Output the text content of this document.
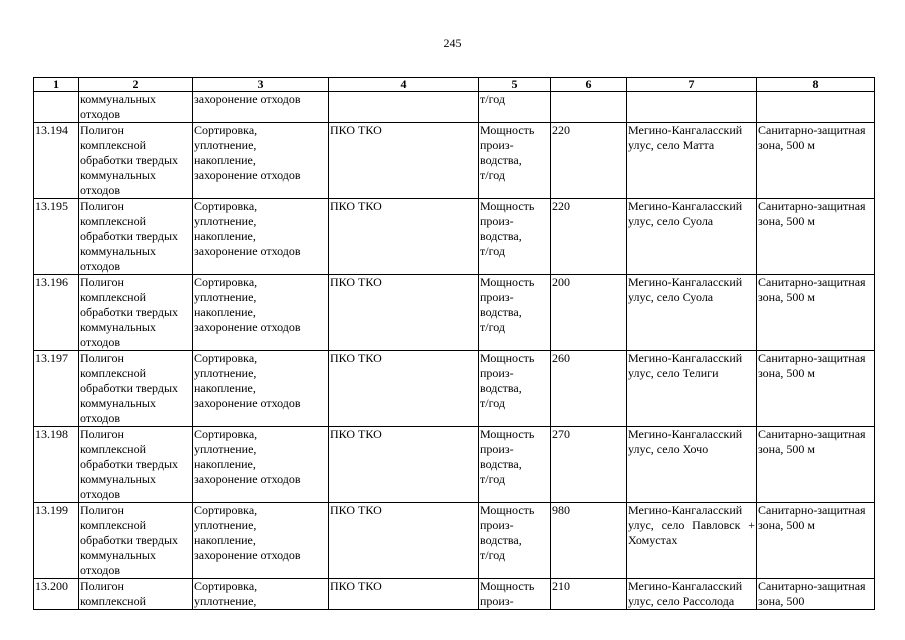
245
1	2	3	4	5	6	7	8
	коммунальных
отходов	захоронение отходов		т/год			
13.194	Полигон
комплексной
обработки твердых
коммунальных
отходов	Сортировка,
уплотнение,
накопление,
захоронение отходов	ПКО ТКО	Мощность
произ-
водства,
т/год	220	Мегино-Кангаласский улус, село Матта	Санитарно-защитная зона, 500 м
13.195	Полигон
комплексной
обработки твердых
коммунальных
отходов	Сортировка,
уплотнение,
накопление,
захоронение отходов	ПКО ТКО	Мощность
произ-
водства,
т/год	220	Мегино-Кангаласский улус, село Суола	Санитарно-защитная зона, 500 м
13.196	Полигон
комплексной
обработки твердых
коммунальных
отходов	Сортировка,
уплотнение,
накопление,
захоронение отходов	ПКО ТКО	Мощность
произ-
водства,
т/год	200	Мегино-Кангаласский улус, село Суола	Санитарно-защитная зона, 500 м
13.197	Полигон
комплексной
обработки твердых
коммунальных
отходов	Сортировка,
уплотнение,
накопление,
захоронение отходов	ПКО ТКО	Мощность
произ-
водства,
т/год	260	Мегино-Кангаласский улус, село Телиги	Санитарно-защитная зона, 500 м
13.198	Полигон
комплексной
обработки твердых
коммунальных
отходов	Сортировка,
уплотнение,
накопление,
захоронение отходов	ПКО ТКО	Мощность
произ-
водства,
т/год	270	Мегино-Кангаласский улус, село Хочо	Санитарно-защитная зона, 500 м
13.199	Полигон
комплексной
обработки твердых
коммунальных
отходов	Сортировка,
уплотнение,
накопление,
захоронение отходов	ПКО ТКО	Мощность
произ-
водства,
т/год	980	Мегино-Кангаласский улус, село Павловск + Хомустах	Санитарно-защитная зона, 500 м
13.200	Полигон
комплексной	Сортировка,
уплотнение,	ПКО ТКО	Мощность
произ-	210	Мегино-Кангаласский улус, село Рассолода	Санитарно-защитная зона, 500
